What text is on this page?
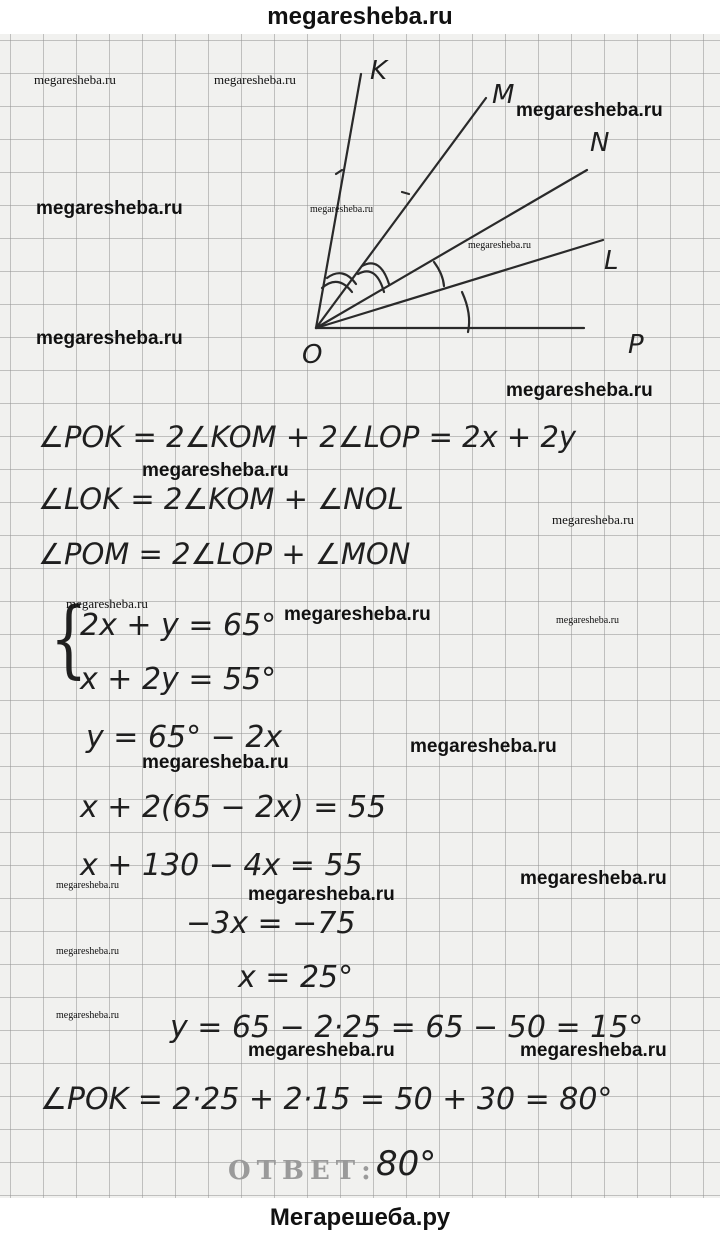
megaresheba.ru
K
M
N
L
O	P
∠POK = 2∠KOM + 2∠LOP = 2x + 2y
∠LOK = 2∠KOM + ∠NOL
∠POM = 2∠LOP + ∠MON
{
2x + y = 65°
x + 2y = 55°
y = 65° − 2x
x + 2(65 − 2x) = 55
x + 130 − 4x = 55
−3x = −75
x = 25°
y = 65 − 2·25 = 65 − 50 = 15°
∠POK = 2·25 + 2·15 = 50 + 30 = 80°
ОТВЕТ: 80°
megaresheba.ru	megaresheba.ru
megaresheba.ru
megaresheba.ru	megaresheba.ru
megaresheba.ru
megaresheba.ru
megaresheba.ru
megaresheba.ru
megaresheba.ru
megaresheba.ru
megaresheba.ru	megaresheba.ru
megaresheba.ru
megaresheba.ru
megaresheba.ru	megaresheba.ru
megaresheba.ru
megaresheba.ru
megaresheba.ru
megaresheba.ru	megaresheba.ru
Мегарешеба.ру
